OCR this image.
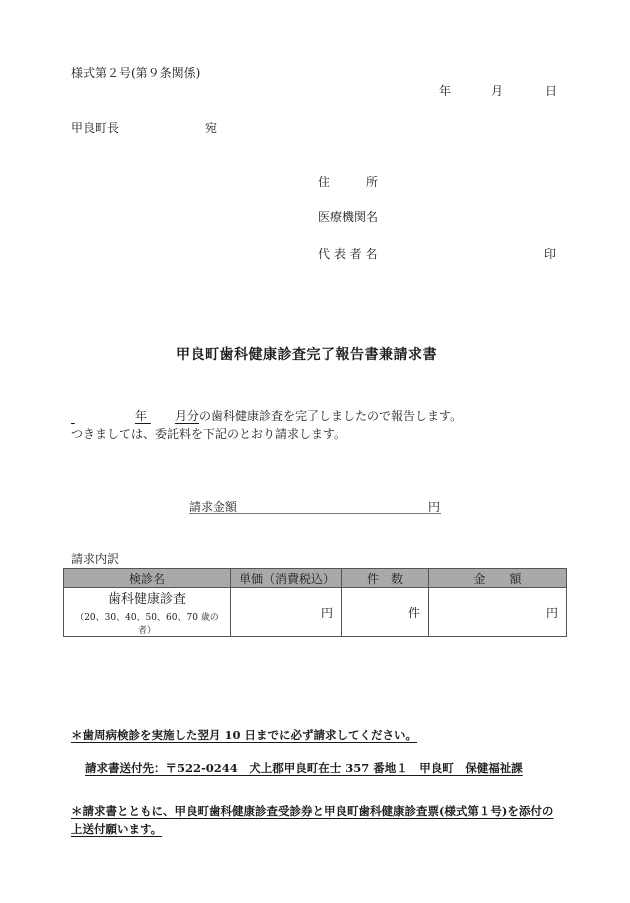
様式第２号(第９条関係)
年	月	日
甲良町長	宛
住　　　所
医療機関名
代 表 者 名	印
甲良町歯科健康診査完了報告書兼請求書
年 月分の歯科健康診査を完了しましたので報告します。
つきましては、委託料を下記のとおり請求します。
請求金額	円
請求内訳
検診名	単価（消費税込）	件　数	金　　額
歯科健康診査
（20、30、40、50、60、70 歳の者）	円	件	円
＊歯周病検診を実施した翌月 10 日までに必ず請求してください。
請求書送付先：〒522-0244　犬上郡甲良町在士 357 番地１　甲良町　保健福祉課
＊請求書とともに、甲良町歯科健康診査受診券と甲良町歯科健康診査票(様式第１号)を添付の
上送付願います。
